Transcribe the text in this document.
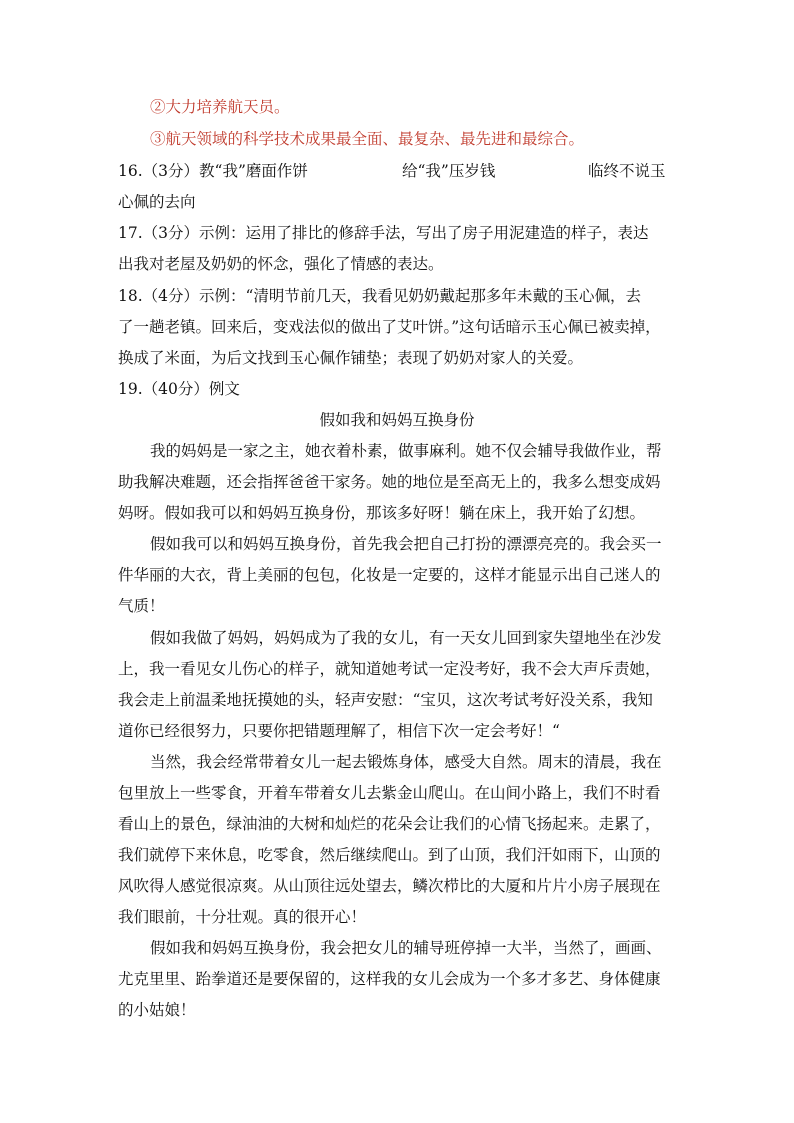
②大力培养航天员。
③航天领域的科学技术成果最全面、最复杂、最先进和最综合。
16.（3分）教“我”磨面作饼	给“我”压岁钱	临终不说玉
心佩的去向
17.（3分）示例：运用了排比的修辞手法，写出了房子用泥建造的样子，表达
出我对老屋及奶奶的怀念，强化了情感的表达。
18.（4分）示例：“清明节前几天，我看见奶奶戴起那多年未戴的玉心佩，去
了一趟老镇。回来后，变戏法似的做出了艾叶饼。”这句话暗示玉心佩已被卖掉，
换成了米面，为后文找到玉心佩作铺垫；表现了奶奶对家人的关爱。
19.（40分）例文
假如我和妈妈互换身份
我的妈妈是一家之主，她衣着朴素，做事麻利。她不仅会辅导我做作业，帮
助我解决难题，还会指挥爸爸干家务。她的地位是至高无上的，我多么想变成妈
妈呀。假如我可以和妈妈互换身份，那该多好呀！躺在床上，我开始了幻想。
假如我可以和妈妈互换身份，首先我会把自己打扮的漂漂亮亮的。我会买一
件华丽的大衣，背上美丽的包包，化妆是一定要的，这样才能显示出自己迷人的
气质！
假如我做了妈妈，妈妈成为了我的女儿，有一天女儿回到家失望地坐在沙发
上，我一看见女儿伤心的样子，就知道她考试一定没考好，我不会大声斥责她，
我会走上前温柔地抚摸她的头，轻声安慰：“宝贝，这次考试考好没关系，我知
道你已经很努力，只要你把错题理解了，相信下次一定会考好！“
当然，我会经常带着女儿一起去锻炼身体，感受大自然。周末的清晨，我在
包里放上一些零食，开着车带着女儿去紫金山爬山。在山间小路上，我们不时看
看山上的景色，绿油油的大树和灿烂的花朵会让我们的心情飞扬起来。走累了，
我们就停下来休息，吃零食，然后继续爬山。到了山顶，我们汗如雨下，山顶的
风吹得人感觉很凉爽。从山顶往远处望去，鳞次栉比的大厦和片片小房子展现在
我们眼前，十分壮观。真的很开心！
假如我和妈妈互换身份，我会把女儿的辅导班停掉一大半，当然了，画画、
尤克里里、跆拳道还是要保留的，这样我的女儿会成为一个多才多艺、身体健康
的小姑娘！
